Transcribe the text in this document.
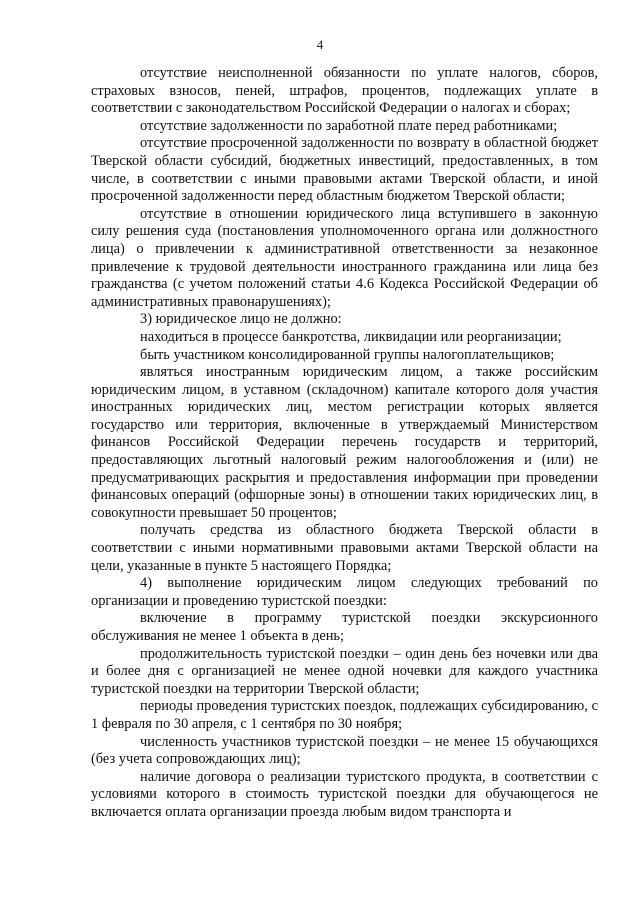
4

отсутствие неисполненной обязанности по уплате налогов, сборов, страховых взносов, пеней, штрафов, процентов, подлежащих уплате в соответствии с законодательством Российской Федерации о налогах и сборах;

отсутствие задолженности по заработной плате перед работниками;

отсутствие просроченной задолженности по возврату в областной бюджет Тверской области субсидий, бюджетных инвестиций, предоставленных, в том числе, в соответствии с иными правовыми актами Тверской области, и иной просроченной задолженности перед областным бюджетом Тверской области;

отсутствие в отношении юридического лица вступившего в законную силу решения суда (постановления уполномоченного органа или должностного лица) о привлечении к административной ответственности за незаконное привлечение к трудовой деятельности иностранного гражданина или лица без гражданства (с учетом положений статьи 4.6 Кодекса Российской Федерации об административных правонарушениях);

3) юридическое лицо не должно:

находиться в процессе банкротства, ликвидации или реорганизации;

быть участником консолидированной группы налогоплательщиков;

являться иностранным юридическим лицом, а также российским юридическим лицом, в уставном (складочном) капитале которого доля участия иностранных юридических лиц, местом регистрации которых является государство или территория, включенные в утверждаемый Министерством финансов Российской Федерации перечень государств и территорий, предоставляющих льготный налоговый режим налогообложения и (или) не предусматривающих раскрытия и предоставления информации при проведении финансовых операций (офшорные зоны) в отношении таких юридических лиц, в совокупности превышает 50 процентов;

получать средства из областного бюджета Тверской области в соответствии с иными нормативными правовыми актами Тверской области на цели, указанные в пункте 5 настоящего Порядка;

4) выполнение юридическим лицом следующих требований по организации и проведению туристской поездки:

включение в программу туристской поездки экскурсионного обслуживания не менее 1 объекта в день;

продолжительность туристской поездки – один день без ночевки или два и более дня с организацией не менее одной ночевки для каждого участника туристской поездки на территории Тверской области;

периоды проведения туристских поездок, подлежащих субсидированию, с 1 февраля по 30 апреля, с 1 сентября по 30 ноября;

численность участников туристской поездки – не менее 15 обучающихся (без учета сопровождающих лиц);

наличие договора о реализации туристского продукта, в соответствии с условиями которого в стоимость туристской поездки для обучающегося не включается оплата организации проезда любым видом транспорта и
